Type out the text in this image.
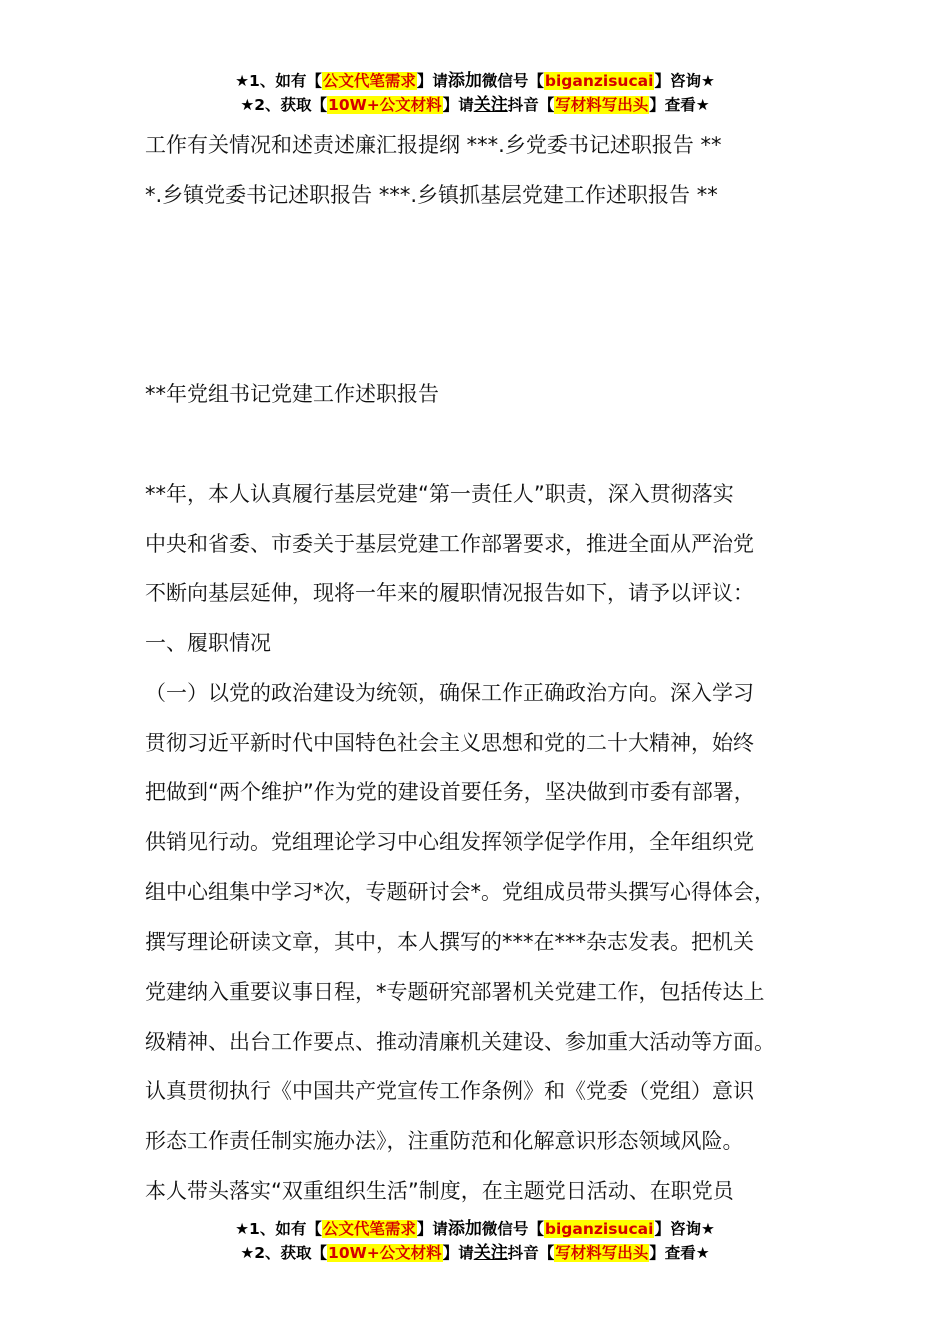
★1、如有【公文代笔需求】请添加微信号【biganzisucai】咨询★
★2、获取【10W+公文材料】请关注抖音【写材料写出头】查看★
工作有关情况和述责述廉汇报提纲 ***.乡党委书记述职报告 **
*.乡镇党委书记述职报告 ***.乡镇抓基层党建工作述职报告 **
**年党组书记党建工作述职报告
**年，本人认真履行基层党建“第一责任人”职责，深入贯彻落实
中央和省委、市委关于基层党建工作部署要求，推进全面从严治党
不断向基层延伸，现将一年来的履职情况报告如下，请予以评议：
一、履职情况
（一）以党的政治建设为统领，确保工作正确政治方向。深入学习
贯彻习近平新时代中国特色社会主义思想和党的二十大精神，始终
把做到“两个维护”作为党的建设首要任务，坚决做到市委有部署，
供销见行动。党组理论学习中心组发挥领学促学作用，全年组织党
组中心组集中学习*次，专题研讨会*。党组成员带头撰写心得体会，
撰写理论研读文章，其中，本人撰写的***在***杂志发表。把机关
党建纳入重要议事日程，*专题研究部署机关党建工作，包括传达上
级精神、出台工作要点、推动清廉机关建设、参加重大活动等方面。
认真贯彻执行《中国共产党宣传工作条例》和《党委（党组）意识
形态工作责任制实施办法》，注重防范和化解意识形态领域风险。
本人带头落实“双重组织生活”制度，在主题党日活动、在职党员
★1、如有【公文代笔需求】请添加微信号【biganzisucai】咨询★
★2、获取【10W+公文材料】请关注抖音【写材料写出头】查看★
